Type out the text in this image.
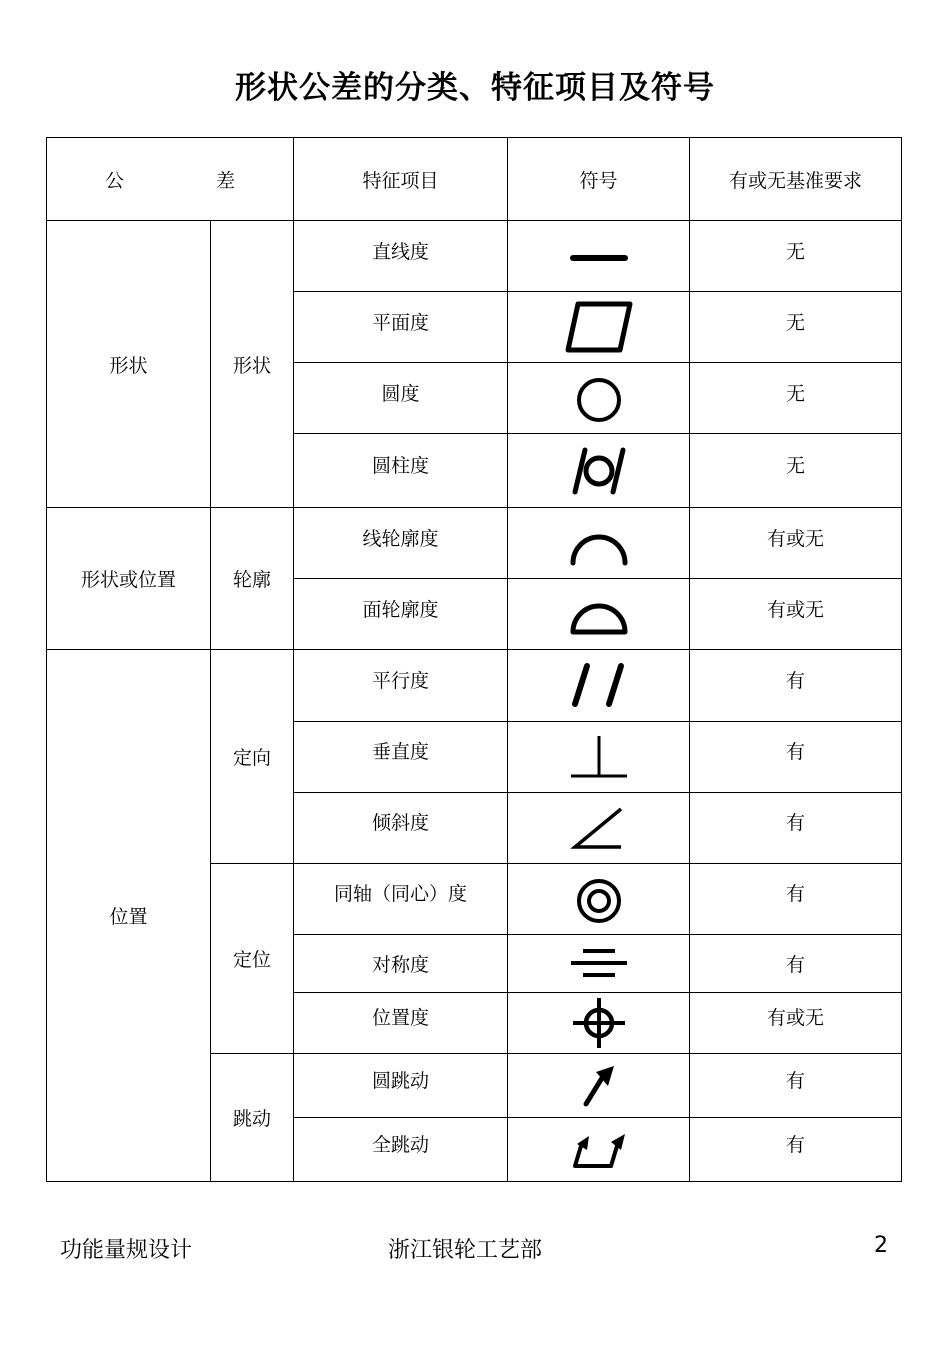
形状公差的分类、特征项目及符号
公　　差		特征项目	符号	有或无基准要求
形状	形状	直线度		无
		平面度		无
		圆度		无
		圆柱度		无
形状或位置	轮廓	线轮廓度		有或无
		面轮廓度		有或无
位置	定向	平行度		有
		垂直度		有
		倾斜度		有
	定位	同轴（同心）度		有
		对称度		有
		位置度		有或无
	跳动	圆跳动		有
		全跳动		有
功能量规设计	浙江银轮工艺部	2
